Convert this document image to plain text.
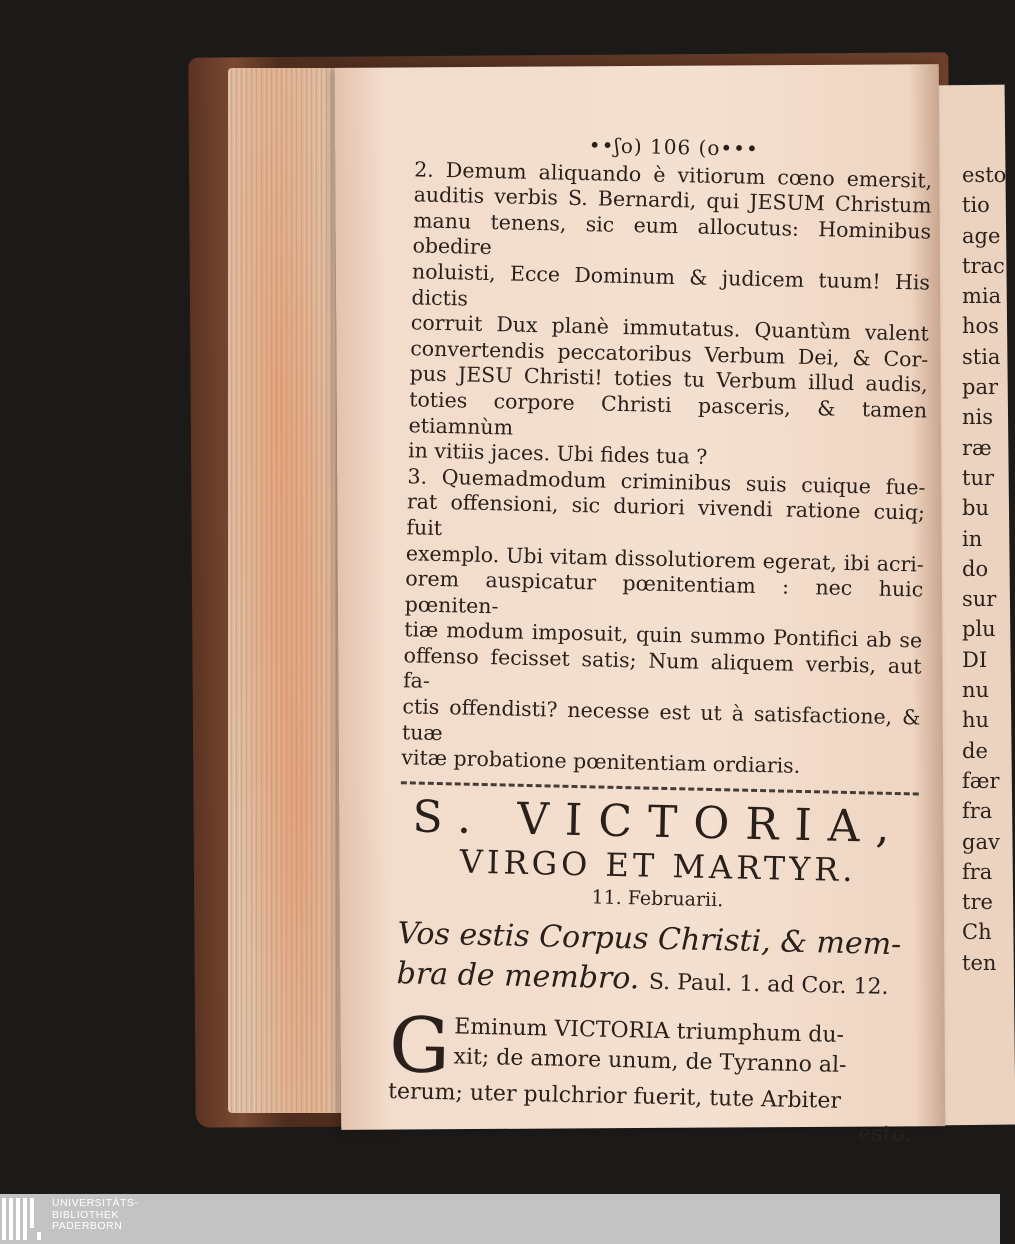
esto
tio
age
trac
mia
hos
stia
par
nis
ræ
tur
bu
in
do
sur
plu
DI
nu
hu
de
fær
fra
gav
fra
tre
Ch
ten
••ʃo) 106 (o•••

2. Demum aliquando è vitiorum cœno emersit,

auditis verbis S. Bernardi, qui JESUM Christum

manu tenens, sic eum allocutus: Hominibus obedire

noluisti, Ecce Dominum & judicem tuum! His dictis

corruit Dux planè immutatus. Quantùm valent

convertendis peccatoribus Verbum Dei, & Cor-

pus JESU Christi! toties tu Verbum illud audis,

toties corpore Christi pasceris, & tamen etiamnùm

in vitiis jaces. Ubi fides tua ?

3. Quemadmodum criminibus suis cuique fue-

rat offensioni, sic duriori vivendi ratione cuiq; fuit

exemplo. Ubi vitam dissolutiorem egerat, ibi acri-

orem auspicatur pœnitentiam : nec huic pœniten-

tiæ modum imposuit, quin summo Pontifici ab se

offenso fecisset satis; Num aliquem verbis, aut fa-

ctis offendisti? necesse est ut à satisfactione, & tuæ

vitæ probatione pœnitentiam ordiaris.

S. VICTORIA,
VIRGO ET MARTYR.
11. Februarii.
Vos estis Corpus Christi, & mem-
bra de membro. S. Paul. 1. ad Cor. 12.
G Eminum VICTORIA triumphum du-
xit; de amore unum, de Tyranno al-
terum; uter pulchrior fuerit, tute Arbiter
esto.
UNIVERSITÄTS-
BIBLIOTHEK
PADERBORN
